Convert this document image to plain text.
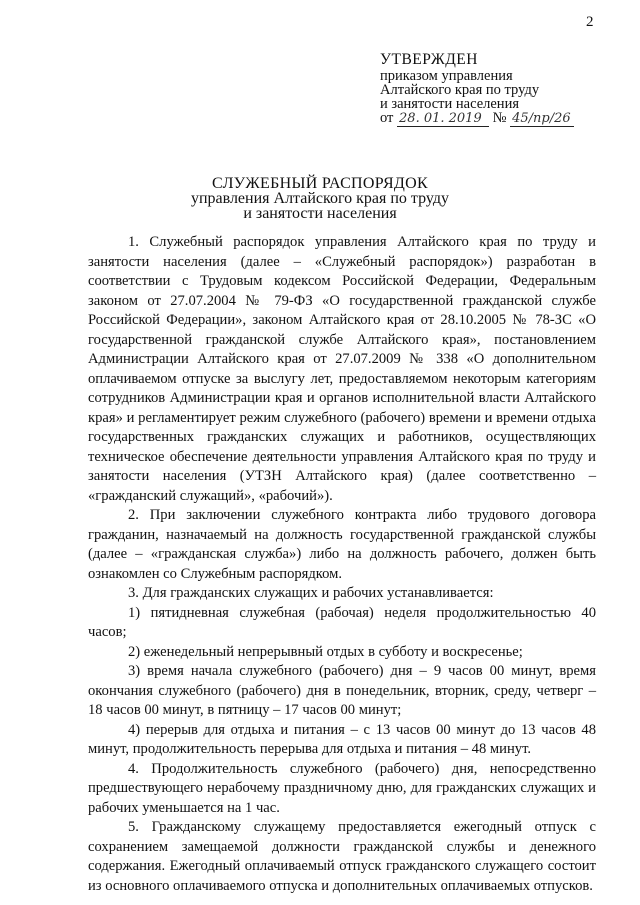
2
УТВЕРЖДЕН
приказом управления
Алтайского края по труду
и занятости населения
от 28. 01. 2019 № 45/пр/26
СЛУЖЕБНЫЙ РАСПОРЯДОК
управления Алтайского края по труду
и занятости населения

1. Служебный распорядок управления Алтайского края по труду и занятости населения (далее – «Служебный распорядок») разработан в соответствии с Трудовым кодексом Российской Федерации, Федеральным законом от 27.07.2004 № 79-ФЗ «О государственной гражданской службе Российской Федерации», законом Алтайского края от 28.10.2005 № 78-ЗС «О государственной гражданской службе Алтайского края», постановлением Администрации Алтайского края от 27.07.2009 № 338 «О дополнительном оплачиваемом отпуске за выслугу лет, предоставляемом некоторым категориям сотрудников Администрации края и органов исполнительной власти Алтайского края» и регламентирует режим служебного (рабочего) времени и времени отдыха государственных гражданских служащих и работников, осуществляющих техническое обеспечение деятельности управления Алтайского края по труду и занятости населения (УТЗН Алтайского края) (далее соответственно – «гражданский служащий», «рабочий»).

2. При заключении служебного контракта либо трудового договора гражданин, назначаемый на должность государственной гражданской службы (далее – «гражданская служба») либо на должность рабочего, должен быть ознакомлен со Служебным распорядком.

3. Для гражданских служащих и рабочих устанавливается:

1) пятидневная служебная (рабочая) неделя продолжительностью 40 часов;

2) еженедельный непрерывный отдых в субботу и воскресенье;

3) время начала служебного (рабочего) дня – 9 часов 00 минут, время окончания служебного (рабочего) дня в понедельник, вторник, среду, четверг – 18 часов 00 минут, в пятницу – 17 часов 00 минут;

4) перерыв для отдыха и питания – с 13 часов 00 минут до 13 часов 48 минут, продолжительность перерыва для отдыха и питания – 48 минут.

4. Продолжительность служебного (рабочего) дня, непосредственно предшествующего нерабочему праздничному дню, для гражданских служащих и рабочих уменьшается на 1 час.

5. Гражданскому служащему предоставляется ежегодный отпуск с сохранением замещаемой должности гражданской службы и денежного содержания. Ежегодный оплачиваемый отпуск гражданского служащего состоит из основного оплачиваемого отпуска и дополнительных оплачиваемых отпусков.
